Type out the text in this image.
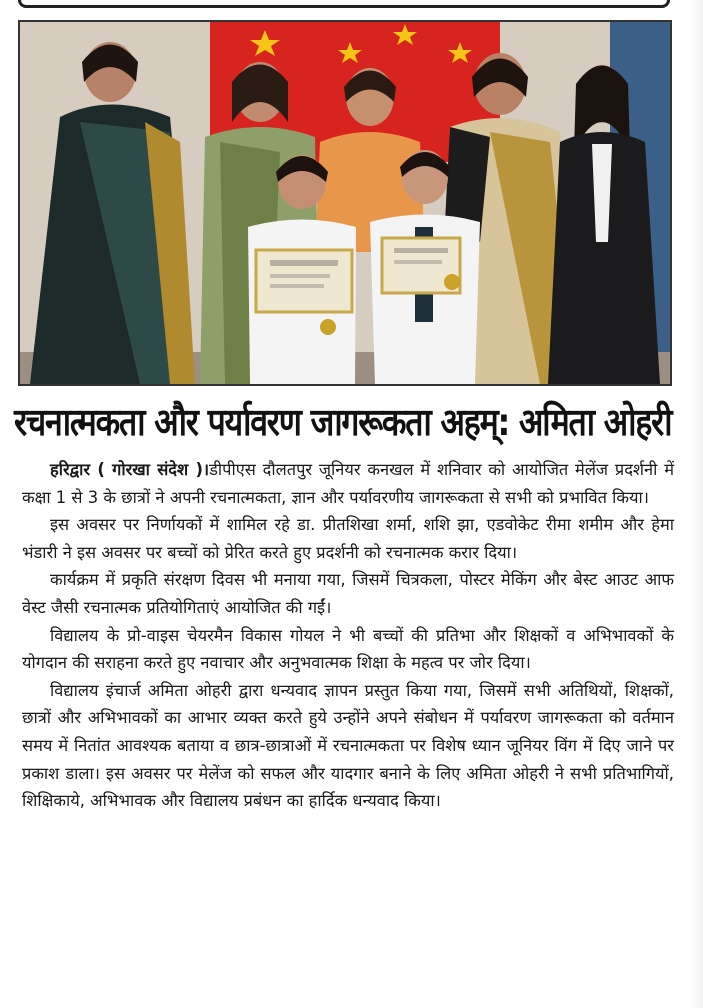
रचनात्मकता और पर्यावरण जागरूकता अहम्: अमिता ओहरी

हरिद्वार ( गोरखा संदेश )।डीपीएस दौलतपुर जूनियर कनखल में शनिवार को आयोजित मेलेंज प्रदर्शनी में कक्षा 1 से 3 के छात्रों ने अपनी रचनात्मकता, ज्ञान और पर्यावरणीय जागरूकता से सभी को प्रभावित किया।

इस अवसर पर निर्णायकों में शामिल रहे डा. प्रीतशिखा शर्मा, शशि झा, एडवोकेट रीमा शमीम और हेमा भंडारी ने इस अवसर पर बच्चों को प्रेरित करते हुए प्रदर्शनी को रचनात्मक करार दिया।

कार्यक्रम में प्रकृति संरक्षण दिवस भी मनाया गया, जिसमें चित्रकला, पोस्टर मेकिंग और बेस्ट आउट आफ वेस्ट जैसी रचनात्मक प्रतियोगिताएं आयोजित की गईं।

विद्यालय के प्रो-वाइस चेयरमैन विकास गोयल ने भी बच्चों की प्रतिभा और शिक्षकों व अभिभावकों के योगदान की सराहना करते हुए नवाचार और अनुभवात्मक शिक्षा के महत्व पर जोर दिया।

विद्यालय इंचार्ज अमिता ओहरी द्वारा धन्यवाद ज्ञापन प्रस्तुत किया गया, जिसमें सभी अतिथियों, शिक्षकों, छात्रों और अभिभावकों का आभार व्यक्त करते हुये उन्होंने अपने संबोधन में पर्यावरण जागरूकता को वर्तमान समय में नितांत आवश्यक बताया व छात्र-छात्राओं में रचनात्मकता पर विशेष ध्यान जूनियर विंग में दिए जाने पर प्रकाश डाला। इस अवसर पर मेलेंज को सफल और यादगार बनाने के लिए अमिता ओहरी ने सभी प्रतिभागियों, शिक्षिकाये, अभिभावक और विद्यालय प्रबंधन का हार्दिक धन्यवाद किया।
